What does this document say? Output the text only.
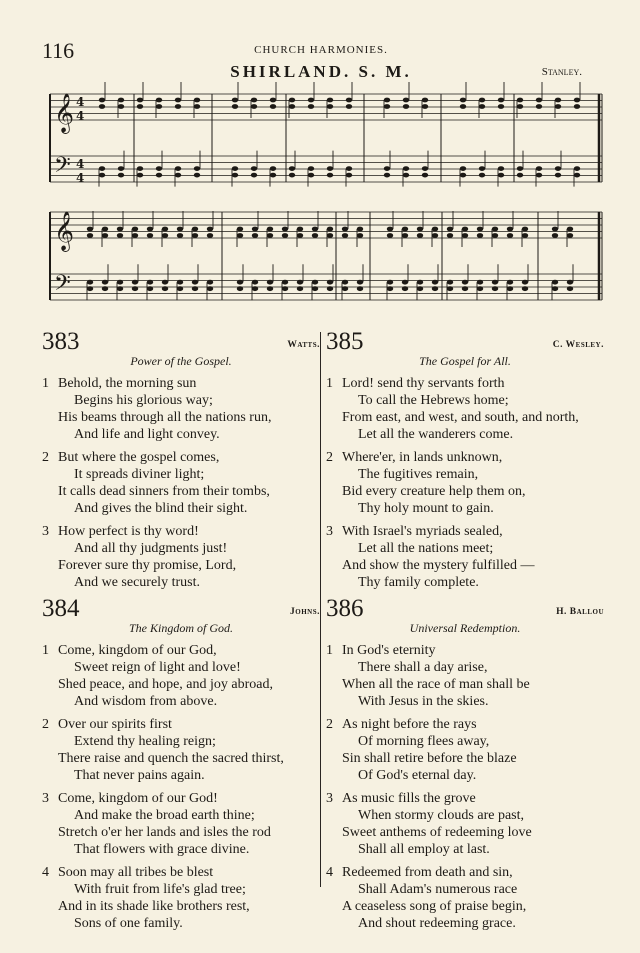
116	CHURCH HARMONIES.
SHIRLAND. S. M.	Stanley.
𝄞 4
4
𝄢 4
4
𝄞
𝄢
383	Watts.
Power of the Gospel.
1 Behold, the morning sun
Begins his glorious way;
His beams through all the nations run,
And life and light convey.
2 But where the gospel comes,
It spreads diviner light;
It calls dead sinners from their tombs,
And gives the blind their sight.
3 How perfect is thy word!
And all thy judgments just!
Forever sure thy promise, Lord,
And we securely trust.
384	Johns.
The Kingdom of God.
1 Come, kingdom of our God,
Sweet reign of light and love!
Shed peace, and hope, and joy abroad,
And wisdom from above.
2 Over our spirits first
Extend thy healing reign;
There raise and quench the sacred thirst,
That never pains again.
3 Come, kingdom of our God!
And make the broad earth thine;
Stretch o'er her lands and isles the rod
That flowers with grace divine.
4 Soon may all tribes be blest
With fruit from life's glad tree;
And in its shade like brothers rest,
Sons of one family.
385	C. Wesley.
The Gospel for All.
1 Lord! send thy servants forth
To call the Hebrews home;
From east, and west, and south, and north,
Let all the wanderers come.
2 Where'er, in lands unknown,
The fugitives remain,
Bid every creature help them on,
Thy holy mount to gain.
3 With Israel's myriads sealed,
Let all the nations meet;
And show the mystery fulfilled —
Thy family complete.
386	H. Ballou
Universal Redemption.
1 In God's eternity
There shall a day arise,
When all the race of man shall be
With Jesus in the skies.
2 As night before the rays
Of morning flees away,
Sin shall retire before the blaze
Of God's eternal day.
3 As music fills the grove
When stormy clouds are past,
Sweet anthems of redeeming love
Shall all employ at last.
4 Redeemed from death and sin,
Shall Adam's numerous race
A ceaseless song of praise begin,
And shout redeeming grace.
